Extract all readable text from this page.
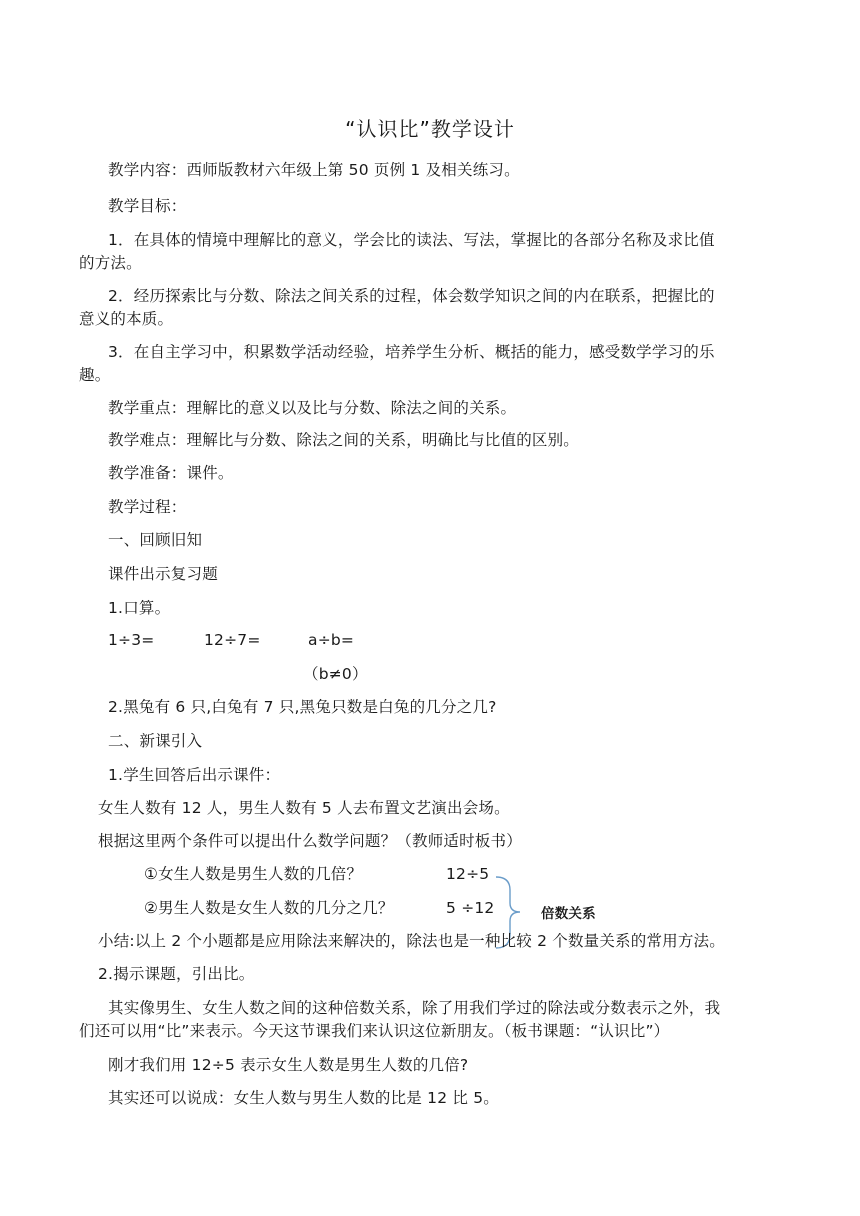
“认识比”教学设计
教学内容：西师版教材六年级上第 50 页例 1 及相关练习。
教学目标：
1．在具体的情境中理解比的意义，学会比的读法、写法，掌握比的各部分名称及求比值
的方法。
2．经历探索比与分数、除法之间关系的过程，体会数学知识之间的内在联系，把握比的
意义的本质。
3．在自主学习中，积累数学活动经验，培养学生分析、概括的能力，感受数学学习的乐
趣。
教学重点：理解比的意义以及比与分数、除法之间的关系。
教学难点：理解比与分数、除法之间的关系，明确比与比值的区别。
教学准备：课件。
教学过程：
一、回顾旧知
课件出示复习题
1.口算。
1÷3=	12÷7=	a÷b=
（b≠0）
2.黑兔有 6 只,白兔有 7 只,黑兔只数是白兔的几分之几?
二、新课引入
1.学生回答后出示课件：
女生人数有 12 人，男生人数有 5 人去布置文艺演出会场。
根据这里两个条件可以提出什么数学问题？（教师适时板书）
①女生人数是男生人数的几倍？	12÷5
②男生人数是女生人数的几分之几？	5 ÷12	倍数关系
小结:以上 2 个小题都是应用除法来解决的，除法也是一种比较 2 个数量关系的常用方法。
2.揭示课题，引出比。
其实像男生、女生人数之间的这种倍数关系，除了用我们学过的除法或分数表示之外，我
们还可以用“比”来表示。今天这节课我们来认识这位新朋友。（板书课题：“认识比”）
刚才我们用 12÷5 表示女生人数是男生人数的几倍?
其实还可以说成：女生人数与男生人数的比是 12 比 5。
